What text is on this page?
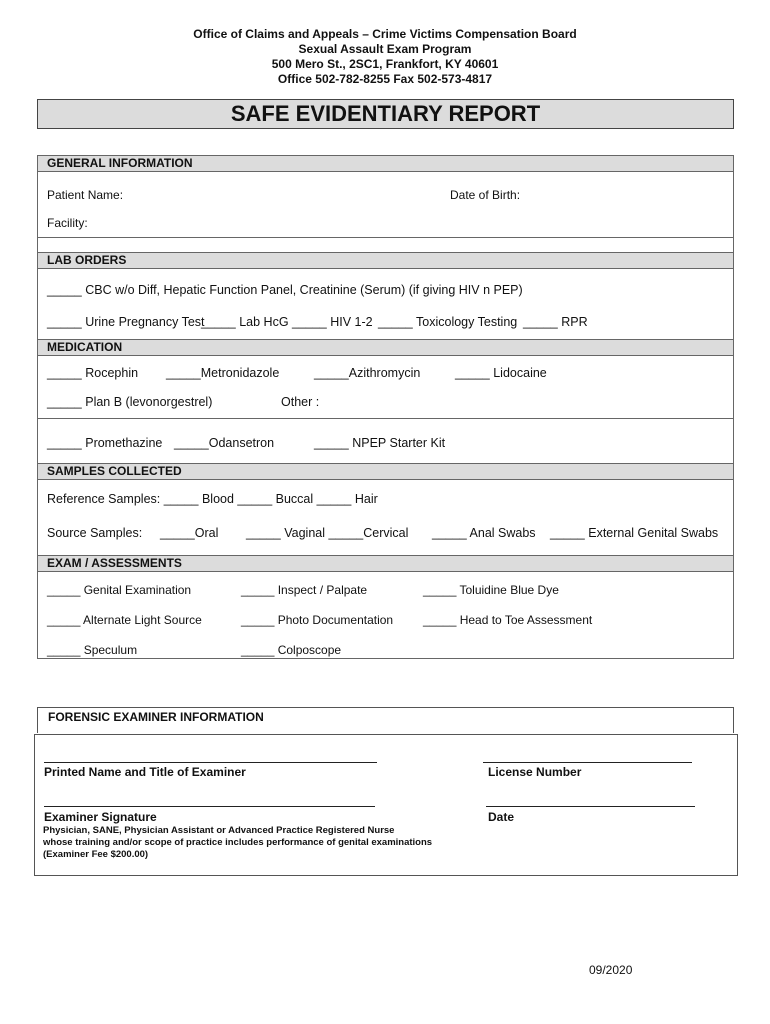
Office of Claims and Appeals – Crime Victims Compensation Board
Sexual Assault Exam Program
500 Mero St., 2SC1, Frankfort, KY 40601
Office 502-782-8255 Fax 502-573-4817
SAFE EVIDENTIARY REPORT
GENERAL INFORMATION
Patient Name:	Date of Birth:
Facility:
LAB ORDERS
_____ CBC w/o Diff, Hepatic Function Panel, Creatinine (Serum) (if giving HIV n PEP)
_____ Urine Pregnancy Test
_____ Lab HcG _____ HIV 1-2 _____ Toxicology Testing _____ RPR
MEDICATION
_____ Rocephin _____Metronidazole	_____Azithromycin	_____ Lidocaine
_____ Plan B (levonorgestrel)	Other :
_____ Promethazine _____Odansetron	_____ NPEP Starter Kit
SAMPLES COLLECTED
Reference Samples: _____ Blood _____ Buccal _____ Hair
Source Samples: _____Oral _____ Vaginal _____Cervical _____ Anal Swabs _____ External Genital Swabs
EXAM / ASSESSMENTS
_____ Genital Examination	_____ Inspect / Palpate	_____ Toluidine Blue Dye
_____ Alternate Light Source	_____ Photo Documentation _____ Head to Toe Assessment
_____ Speculum	_____ Colposcope
FORENSIC EXAMINER INFORMATION
Printed Name and Title of Examiner	License Number
Examiner Signature	Date
Physician, SANE, Physician Assistant or Advanced Practice Registered Nurse
whose training and/or scope of practice includes performance of genital examinations
(Examiner Fee $200.00)
09/2020
